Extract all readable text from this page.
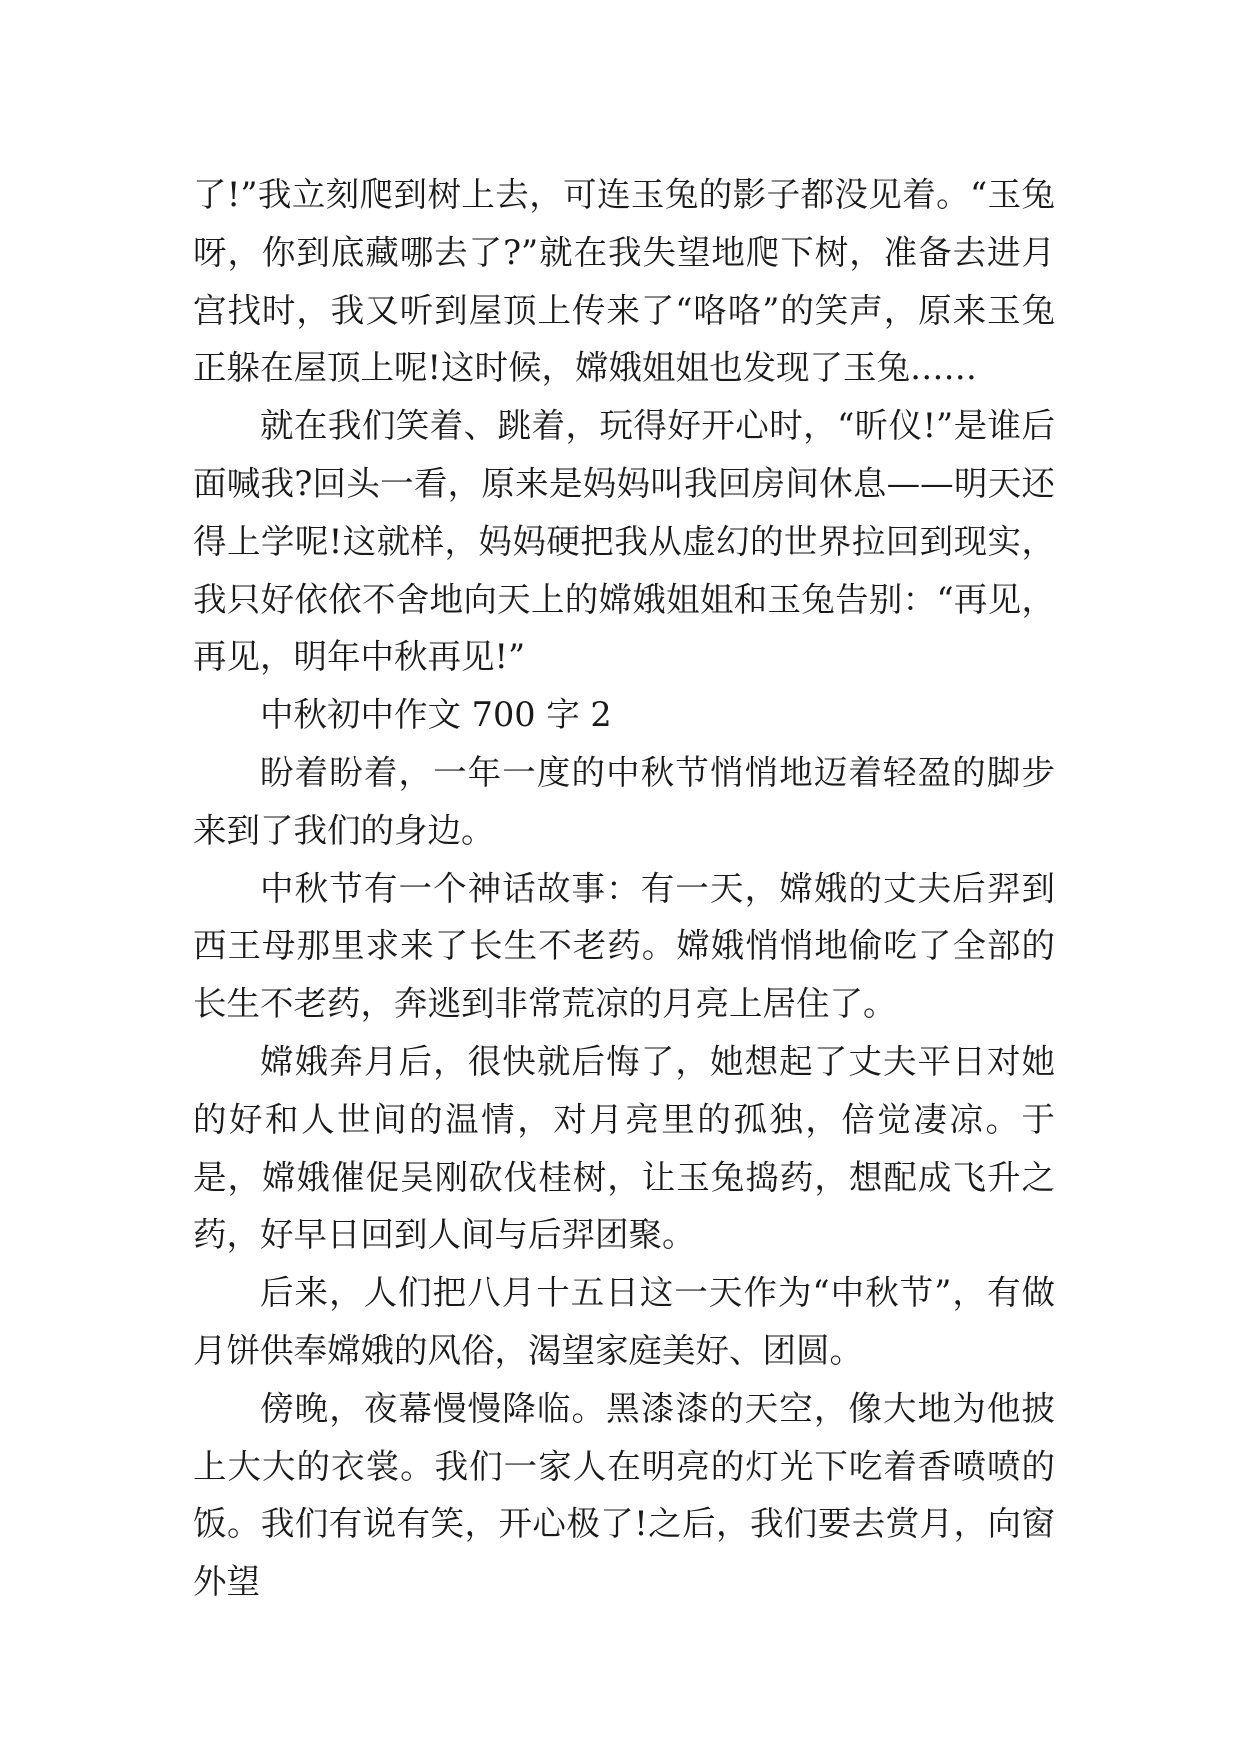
了!”我立刻爬到树上去，可连玉兔的影子都没见着。“玉兔呀，你到底藏哪去了?”就在我失望地爬下树，准备去进月宫找时，我又听到屋顶上传来了“咯咯”的笑声，原来玉兔正躲在屋顶上呢!这时候，嫦娥姐姐也发现了玉兔……

就在我们笑着、跳着，玩得好开心时，“昕仪!”是谁后面喊我?回头一看，原来是妈妈叫我回房间休息——明天还得上学呢!这就样，妈妈硬把我从虚幻的世界拉回到现实，我只好依依不舍地向天上的嫦娥姐姐和玉兔告别：“再见，再见，明年中秋再见!”

中秋初中作文 700 字 2

盼着盼着，一年一度的中秋节悄悄地迈着轻盈的脚步来到了我们的身边。

中秋节有一个神话故事：有一天，嫦娥的丈夫后羿到西王母那里求来了长生不老药。嫦娥悄悄地偷吃了全部的长生不老药，奔逃到非常荒凉的月亮上居住了。

嫦娥奔月后，很快就后悔了，她想起了丈夫平日对她的好和人世间的温情，对月亮里的孤独，倍觉凄凉。于是，嫦娥催促吴刚砍伐桂树，让玉兔捣药，想配成飞升之药，好早日回到人间与后羿团聚。

后来，人们把八月十五日这一天作为“中秋节”，有做月饼供奉嫦娥的风俗，渴望家庭美好、团圆。

傍晚，夜幕慢慢降临。黑漆漆的天空，像大地为他披上大大的衣裳。我们一家人在明亮的灯光下吃着香喷喷的饭。我们有说有笑，开心极了!之后，我们要去赏月，向窗外望
